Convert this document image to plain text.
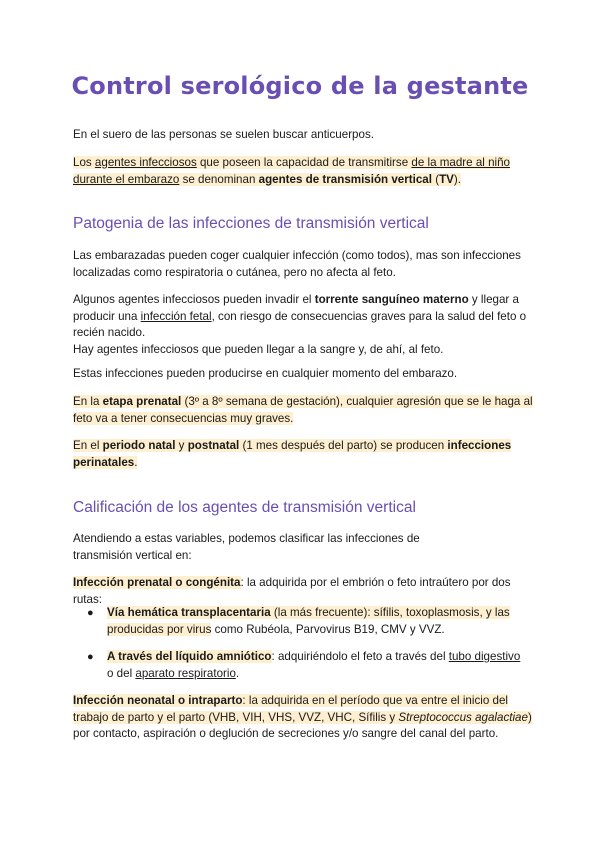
Control serológico de la gestante

En el suero de las personas se suelen buscar anticuerpos.

Los agentes infecciosos que poseen la capacidad de transmitirse de la madre al niño
durante el embarazo se denominan agentes de transmisión vertical (TV).

Patogenia de las infecciones de transmisión vertical

Las embarazadas pueden coger cualquier infección (como todos), mas son infecciones localizadas como respiratoria o cutánea, pero no afecta al feto.

Algunos agentes infecciosos pueden invadir el torrente sanguíneo materno y llegar a producir una infección fetal, con riesgo de consecuencias graves para la salud del feto o recién nacido.
Hay agentes infecciosos que pueden llegar a la sangre y, de ahí, al feto.

Estas infecciones pueden producirse en cualquier momento del embarazo.

En la etapa prenatal (3º a 8º semana de gestación), cualquier agresión que se le haga al feto va a tener consecuencias muy graves.

En el periodo natal y postnatal (1 mes después del parto) se producen infecciones perinatales.

Calificación de los agentes de transmisión vertical

Atendiendo a estas variables, podemos clasificar las infecciones de transmisión vertical en:

Infección prenatal o congénita: la adquirida por el embrión o feto intraútero por dos rutas:

● Vía hemática transplacentaria (la más frecuente): sífilis, toxoplasmosis, y las producidas por virus como Rubéola, Parvovirus B19, CMV y VVZ.

● A través del líquido amniótico: adquiriéndolo el feto a través del tubo digestivo o del aparato respiratorio.

Infección neonatal o intraparto: la adquirida en el período que va entre el inicio del trabajo de parto y el parto (VHB, VIH, VHS, VVZ, VHC, Sífilis y Streptococcus agalactiae) por contacto, aspiración o deglución de secreciones y/o sangre del canal del parto.
